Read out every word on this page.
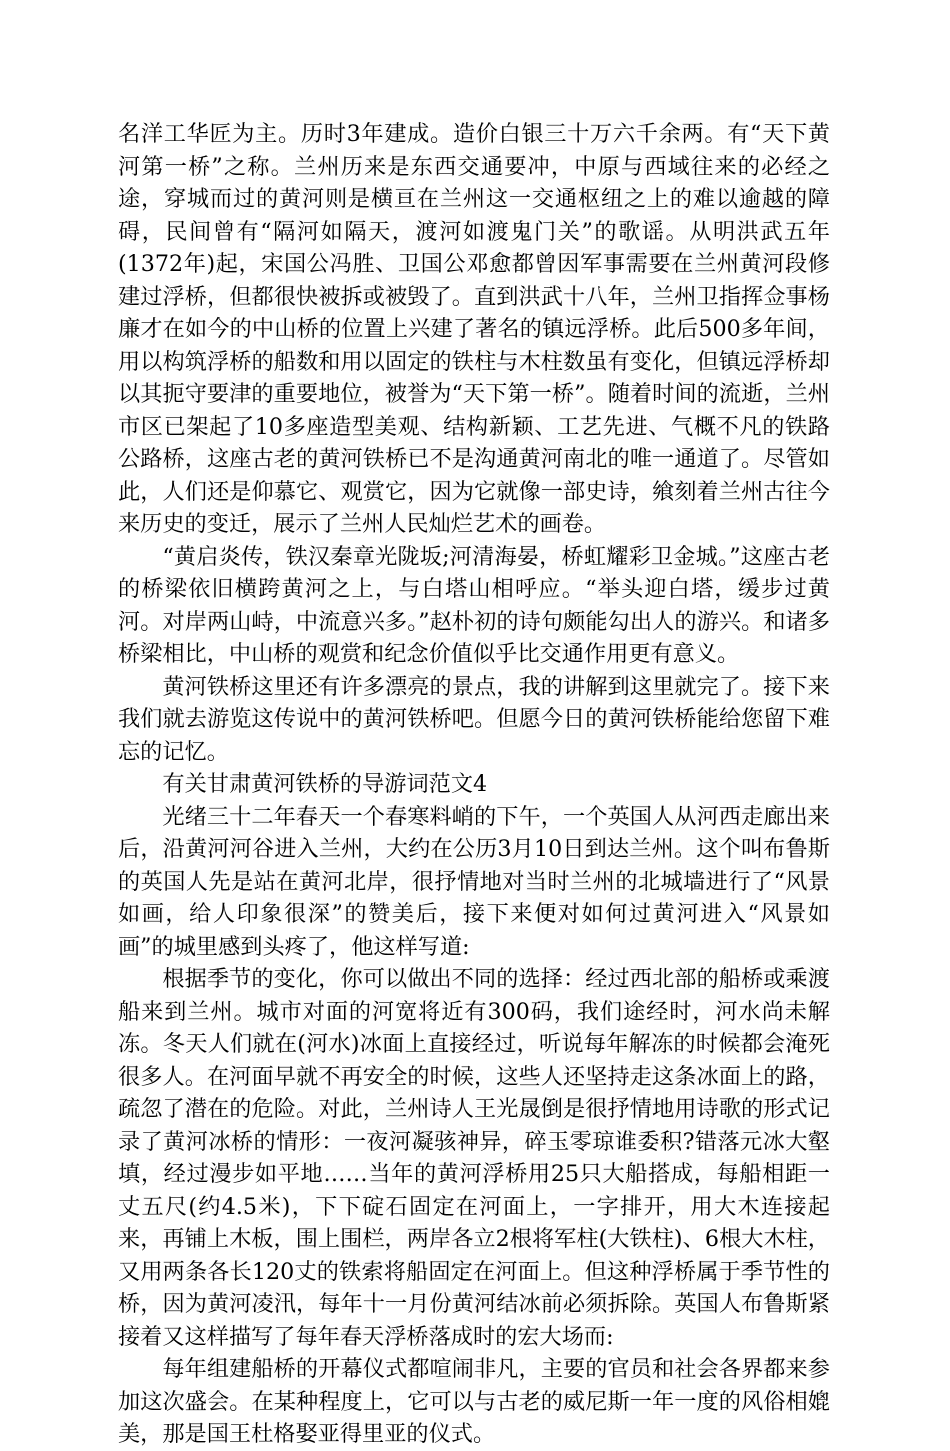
名洋工华匠为主。历时3年建成。造价白银三十万六千余两。有“天下黄河第一桥”之称。兰州历来是东西交通要冲，中原与西域往来的必经之途，穿城而过的黄河则是横亘在兰州这一交通枢纽之上的难以逾越的障碍，民间曾有“隔河如隔天，渡河如渡鬼门关”的歌谣。从明洪武五年(1372年)起，宋国公冯胜、卫国公邓愈都曾因军事需要在兰州黄河段修建过浮桥，但都很快被拆或被毁了。直到洪武十八年，兰州卫指挥佥事杨廉才在如今的中山桥的位置上兴建了著名的镇远浮桥。此后500多年间，用以构筑浮桥的船数和用以固定的铁柱与木柱数虽有变化，但镇远浮桥却以其扼守要津的重要地位，被誉为“天下第一桥”。随着时间的流逝，兰州市区已架起了10多座造型美观、结构新颖、工艺先进、气概不凡的铁路公路桥，这座古老的黄河铁桥已不是沟通黄河南北的唯一通道了。尽管如此，人们还是仰慕它、观赏它，因为它就像一部史诗，飨刻着兰州古往今来历史的变迁，展示了兰州人民灿烂艺术的画卷。

“黄启炎传，铁汉秦章光陇坂;河清海晏，桥虹耀彩卫金城。”这座古老的桥梁依旧横跨黄河之上，与白塔山相呼应。“举头迎白塔，缓步过黄河。对岸两山峙，中流意兴多。”赵朴初的诗句颇能勾出人的游兴。和诸多桥梁相比，中山桥的观赏和纪念价值似乎比交通作用更有意义。

黄河铁桥这里还有许多漂亮的景点，我的讲解到这里就完了。接下来我们就去游览这传说中的黄河铁桥吧。但愿今日的黄河铁桥能给您留下难忘的记忆。

有关甘肃黄河铁桥的导游词范文4

光绪三十二年春天一个春寒料峭的下午，一个英国人从河西走廊出来后，沿黄河河谷进入兰州，大约在公历3月10日到达兰州。这个叫布鲁斯的英国人先是站在黄河北岸，很抒情地对当时兰州的北城墙进行了“风景如画，给人印象很深”的赞美后，接下来便对如何过黄河进入“风景如画”的城里感到头疼了，他这样写道:

根据季节的变化，你可以做出不同的选择：经过西北部的船桥或乘渡船来到兰州。城市对面的河宽将近有300码，我们途经时，河水尚未解冻。冬天人们就在(河水)冰面上直接经过，听说每年解冻的时候都会淹死很多人。在河面早就不再安全的时候，这些人还坚持走这条冰面上的路，疏忽了潜在的危险。对此，兰州诗人王光晟倒是很抒情地用诗歌的形式记录了黄河冰桥的情形：一夜河凝骇神异，碎玉零琼谁委积?错落元冰大壑填，经过漫步如平地……当年的黄河浮桥用25只大船搭成，每船相距一丈五尺(约4.5米)，下下碇石固定在河面上，一字排开，用大木连接起来，再铺上木板，围上围栏，两岸各立2根将军柱(大铁柱)、6根大木柱，又用两条各长120丈的铁索将船固定在河面上。但这种浮桥属于季节性的桥，因为黄河凌汛，每年十一月份黄河结冰前必须拆除。英国人布鲁斯紧接着又这样描写了每年春天浮桥落成时的宏大场而:

每年组建船桥的开幕仪式都喧闹非凡，主要的官员和社会各界都来参加这次盛会。在某种程度上，它可以与古老的威尼斯一年一度的风俗相媲美，那是国王杜格娶亚得里亚的仪式。
